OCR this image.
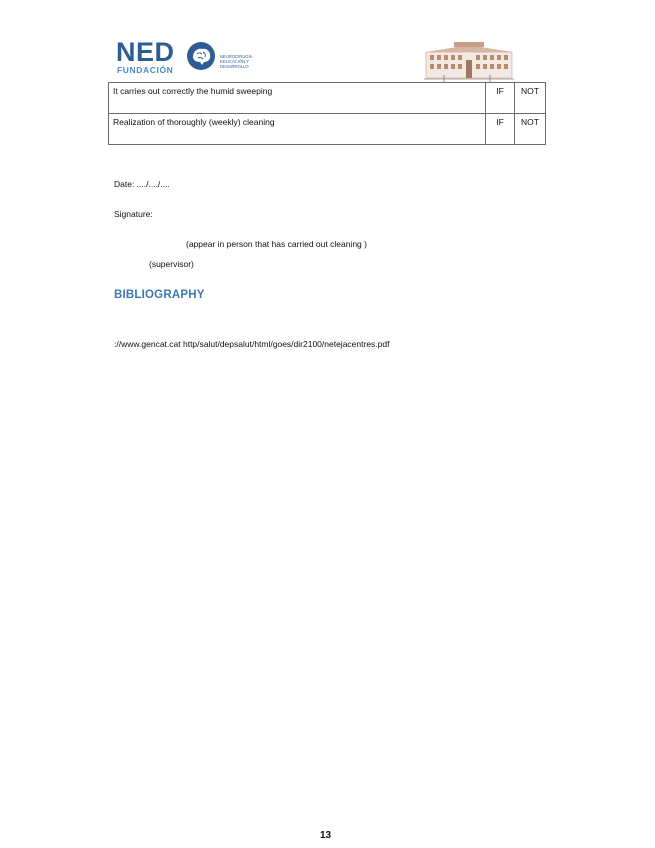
NED
FUNDACIÓN
NEUROCIRUGÍA
EDUCACIÓN Y
DESARROLLO
It carries out correctly the humid sweeping	IF	NOT
Realization of thoroughly (weekly) cleaning	IF	NOT
Date: ..../..../....
Signature:
(appear in person that has carried out cleaning )
(supervisor)
BIBLIOGRAPHY
://www.gencat.cat http/salut/depsalut/html/goes/dir2100/netejacentres.pdf
13
